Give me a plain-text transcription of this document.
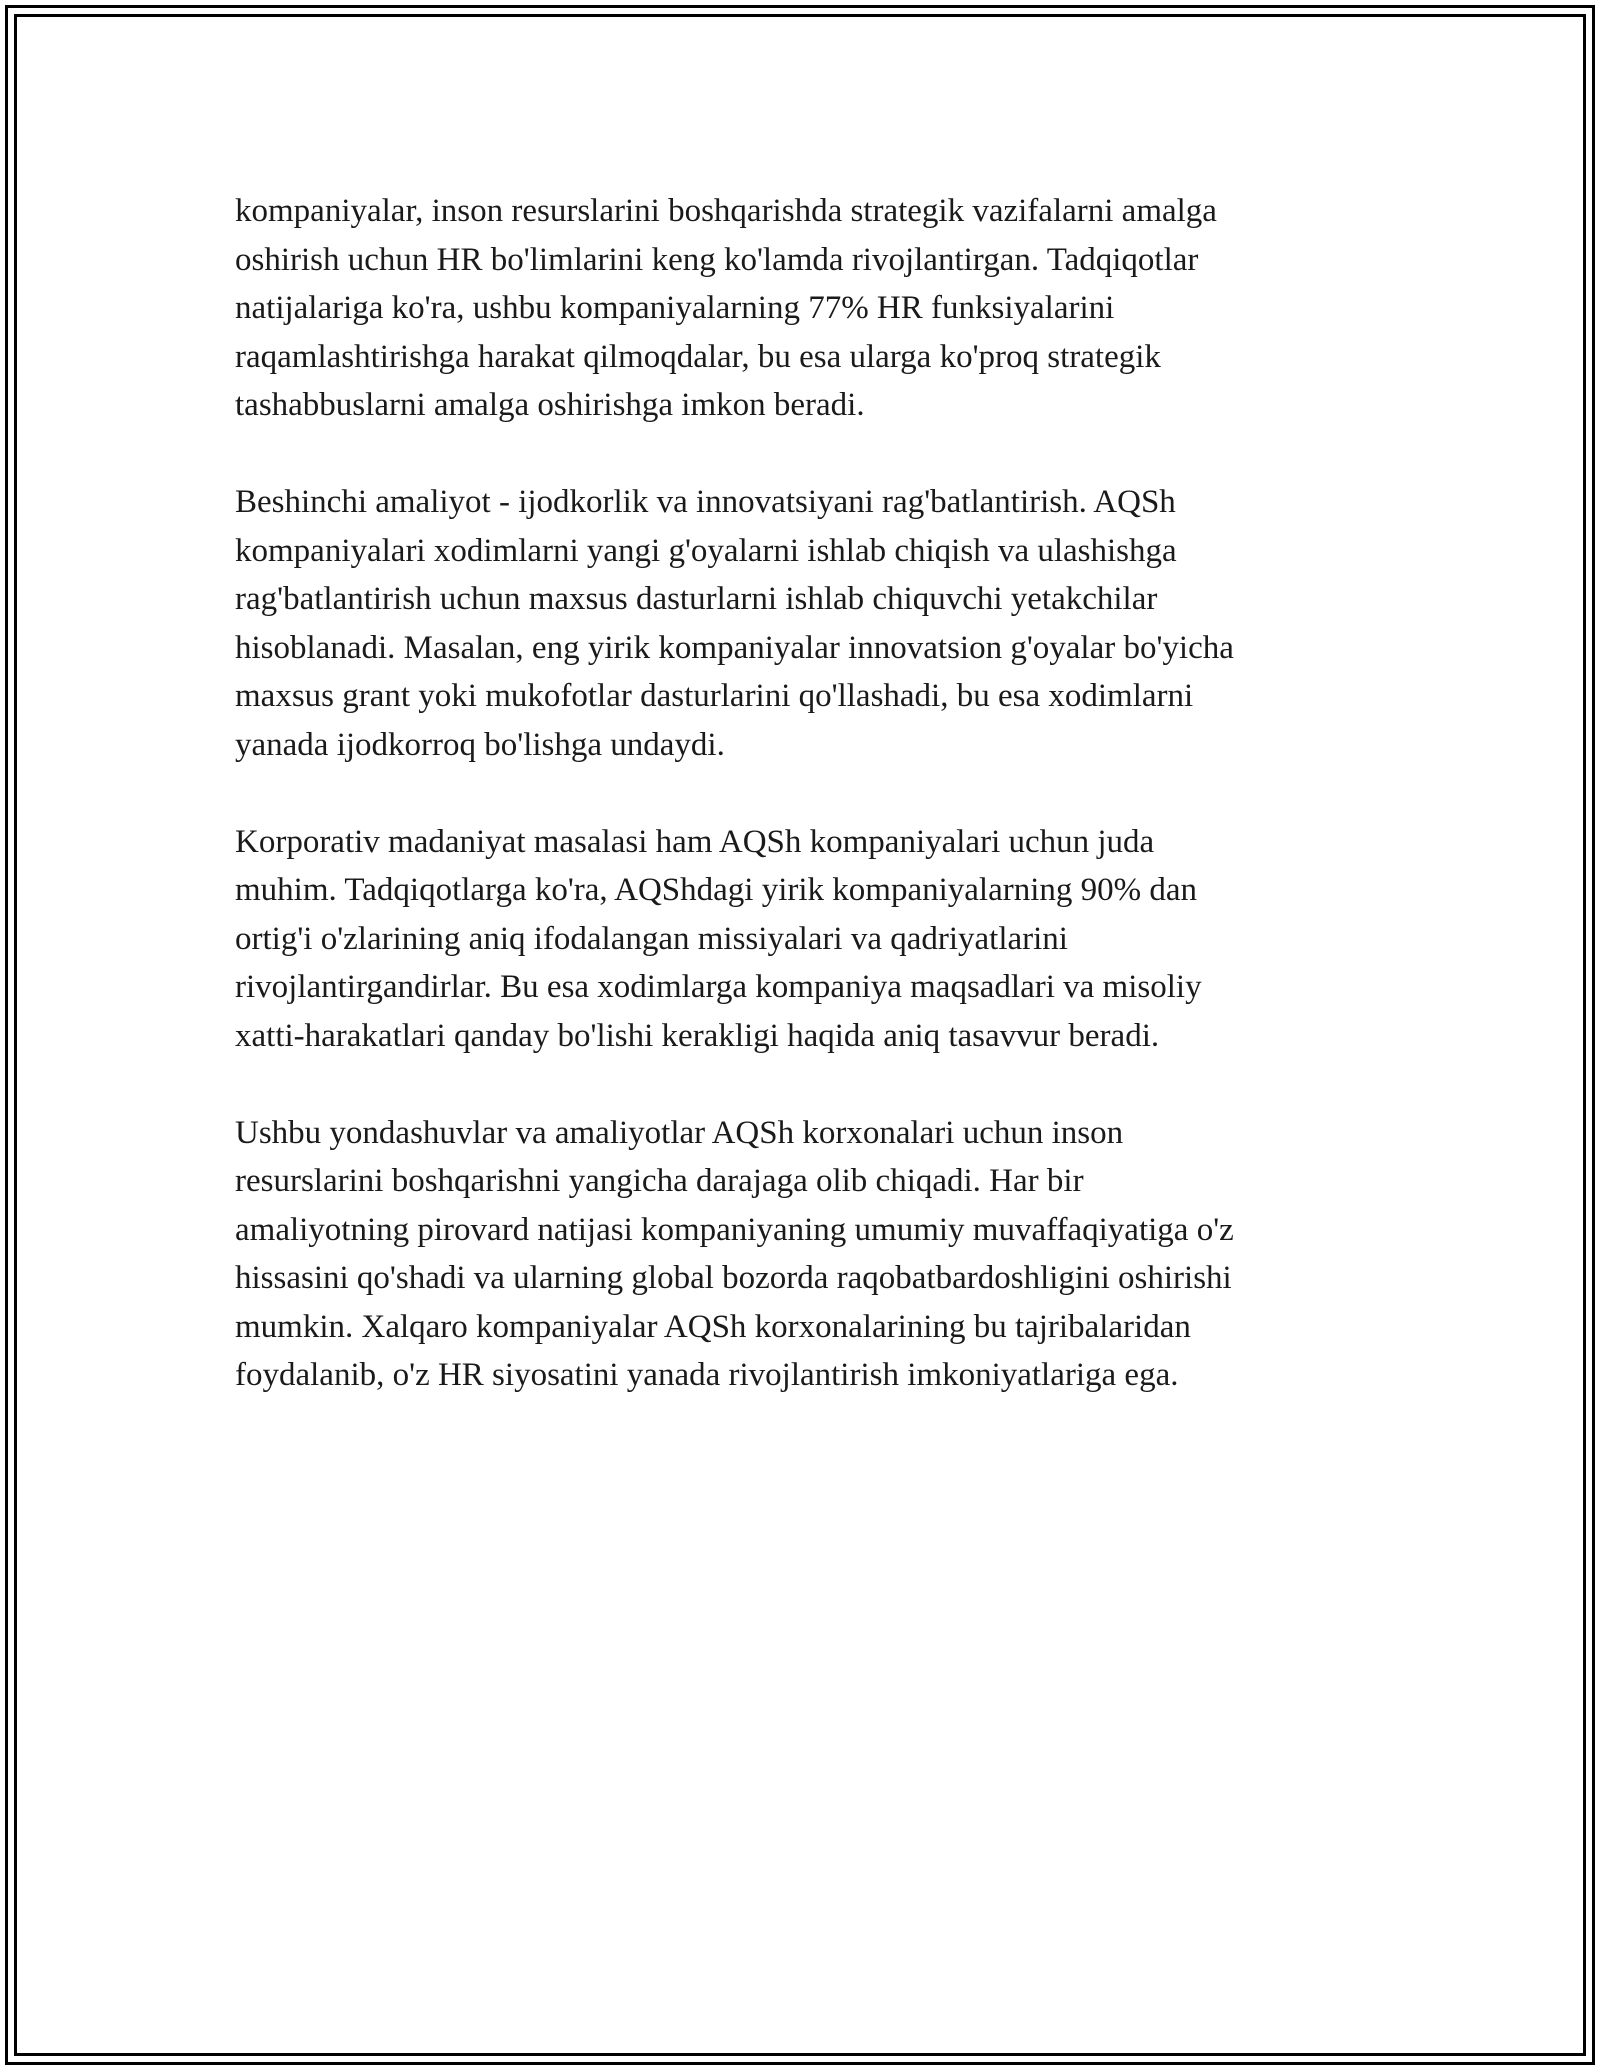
kompaniyalar, inson resurslarini boshqarishda strategik vazifalarni amalga
oshirish uchun HR bo'limlarini keng ko'lamda rivojlantirgan. Tadqiqotlar
natijalariga ko'ra, ushbu kompaniyalarning 77% HR funksiyalarini
raqamlashtirishga harakat qilmoqdalar, bu esa ularga ko'proq strategik
tashabbuslarni amalga oshirishga imkon beradi.

Beshinchi amaliyot - ijodkorlik va innovatsiyani rag'batlantirish. AQSh
kompaniyalari xodimlarni yangi g'oyalarni ishlab chiqish va ulashishga
rag'batlantirish uchun maxsus dasturlarni ishlab chiquvchi yetakchilar
hisoblanadi. Masalan, eng yirik kompaniyalar innovatsion g'oyalar bo'yicha
maxsus grant yoki mukofotlar dasturlarini qo'llashadi, bu esa xodimlarni
yanada ijodkorroq bo'lishga undaydi.

Korporativ madaniyat masalasi ham AQSh kompaniyalari uchun juda
muhim. Tadqiqotlarga ko'ra, AQShdagi yirik kompaniyalarning 90% dan
ortig'i o'zlarining aniq ifodalangan missiyalari va qadriyatlarini
rivojlantirgandirlar. Bu esa xodimlarga kompaniya maqsadlari va misoliy
xatti-harakatlari qanday bo'lishi kerakligi haqida aniq tasavvur beradi.

Ushbu yondashuvlar va amaliyotlar AQSh korxonalari uchun inson
resurslarini boshqarishni yangicha darajaga olib chiqadi. Har bir
amaliyotning pirovard natijasi kompaniyaning umumiy muvaffaqiyatiga o'z
hissasini qo'shadi va ularning global bozorda raqobatbardoshligini oshirishi
mumkin. Xalqaro kompaniyalar AQSh korxonalarining bu tajribalaridan
foydalanib, o'z HR siyosatini yanada rivojlantirish imkoniyatlariga ega.
